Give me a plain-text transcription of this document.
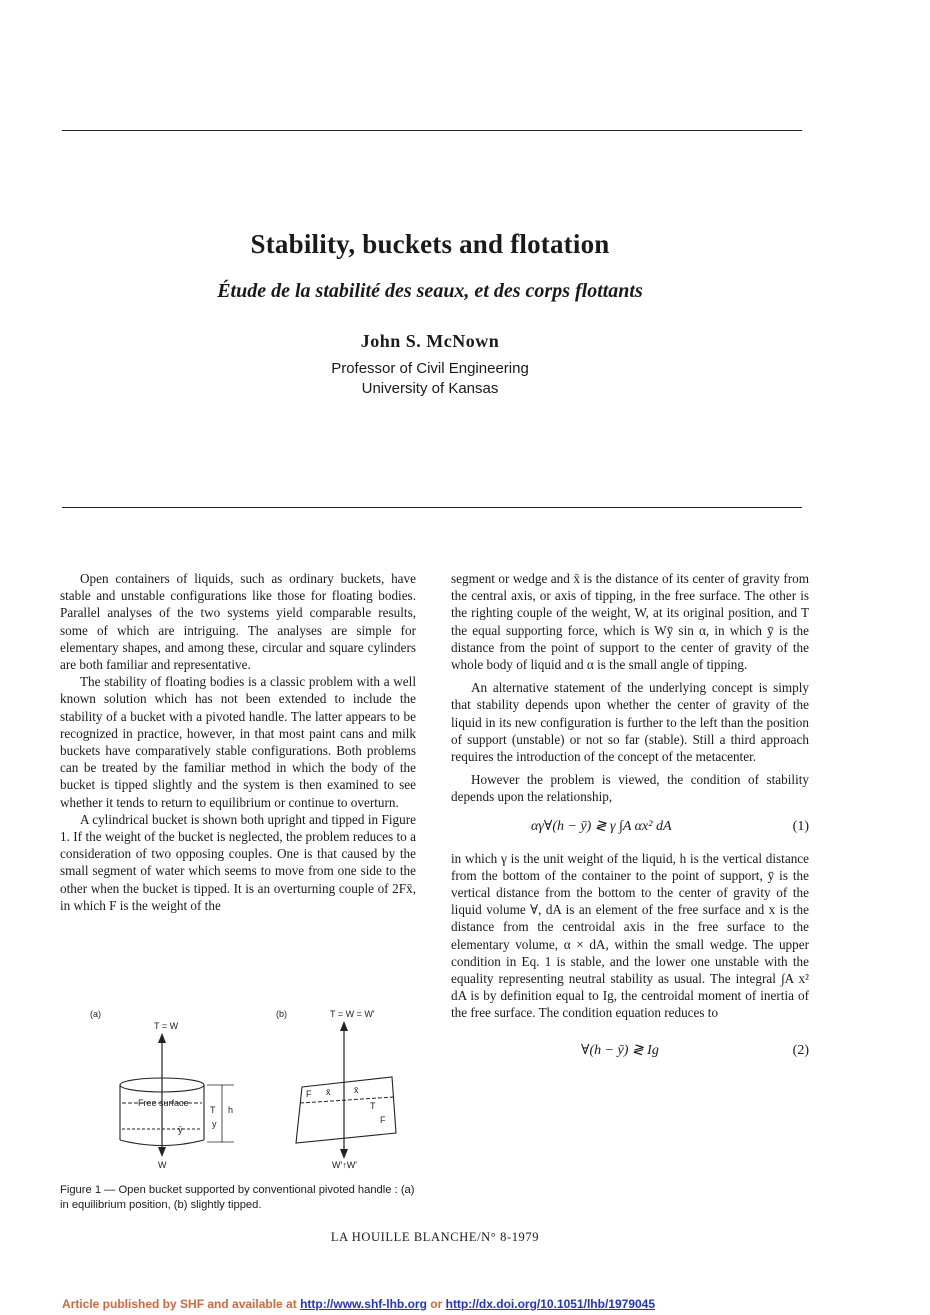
Stability, buckets and flotation
Étude de la stabilité des seaux, et des corps flottants
John S. McNown
Professor of Civil Engineering
University of Kansas

Open containers of liquids, such as ordinary buckets, have stable and unstable configurations like those for floating bodies. Parallel analyses of the two systems yield comparable results, some of which are intriguing. The analyses are simple for elementary shapes, and among these, circular and square cylinders are both familiar and representative.

The stability of floating bodies is a classic problem with a well known solution which has not been extended to include the stability of a bucket with a pivoted handle. The latter appears to be recognized in practice, however, in that most paint cans and milk buckets have comparatively stable configurations. Both problems can be treated by the familiar method in which the body of the bucket is tipped slightly and the system is then examined to see whether it tends to return to equilibrium or continue to overturn.

A cylindrical bucket is shown both upright and tipped in Figure 1. If the weight of the bucket is neglected, the problem reduces to a consideration of two opposing couples. One is that caused by the small segment of water which seems to move from one side to the other when the bucket is tipped. It is an overturning couple of 2Fx̄, in which F is the weight of the

segment or wedge and x̄ is the distance of its center of gravity from the central axis, or axis of tipping, in the free surface. The other is the righting couple of the weight, W, at its original position, and T the equal supporting force, which is Wȳ sin α, in which ȳ is the distance from the point of support to the center of gravity of the whole body of liquid and α is the small angle of tipping.

An alternative statement of the underlying concept is simply that stability depends upon whether the center of gravity of the liquid in its new configuration is further to the left than the position of support (unstable) or not so far (stable). Still a third approach requires the introduction of the concept of the metacenter.

However the problem is viewed, the condition of stability depends upon the relationship,

αγ∀(h − ȳ) ≷ γ ∫A αx² dA	(1)

in which γ is the unit weight of the liquid, h is the vertical distance from the bottom of the container to the point of support, ȳ is the vertical distance from the bottom to the center of gravity of the liquid volume ∀, dA is an element of the free surface and x is the distance from the centroidal axis in the free surface to the elementary volume, α × dA, within the small wedge. The upper condition in Eq. 1 is stable, and the lower one unstable with the equality representing neutral stability as usual. The integral ∫A x² dA is by definition equal to Ig, the centroidal moment of inertia of the free surface. The condition equation reduces to

∀(h − ȳ) ≷ Ig	(2)
(a)
T = W
Free surface
ȳ
T h
y
W
(b)	T = W = W'
F
F
x̄	x̄
T
W'↑W'
Figure 1 — Open bucket supported by conventional pivoted handle : (a) in equilibrium position, (b) slightly tipped.
LA HOUILLE BLANCHE/N° 8-1979
Article published by SHF and available at http://www.shf-lhb.org or http://dx.doi.org/10.1051/lhb/1979045
